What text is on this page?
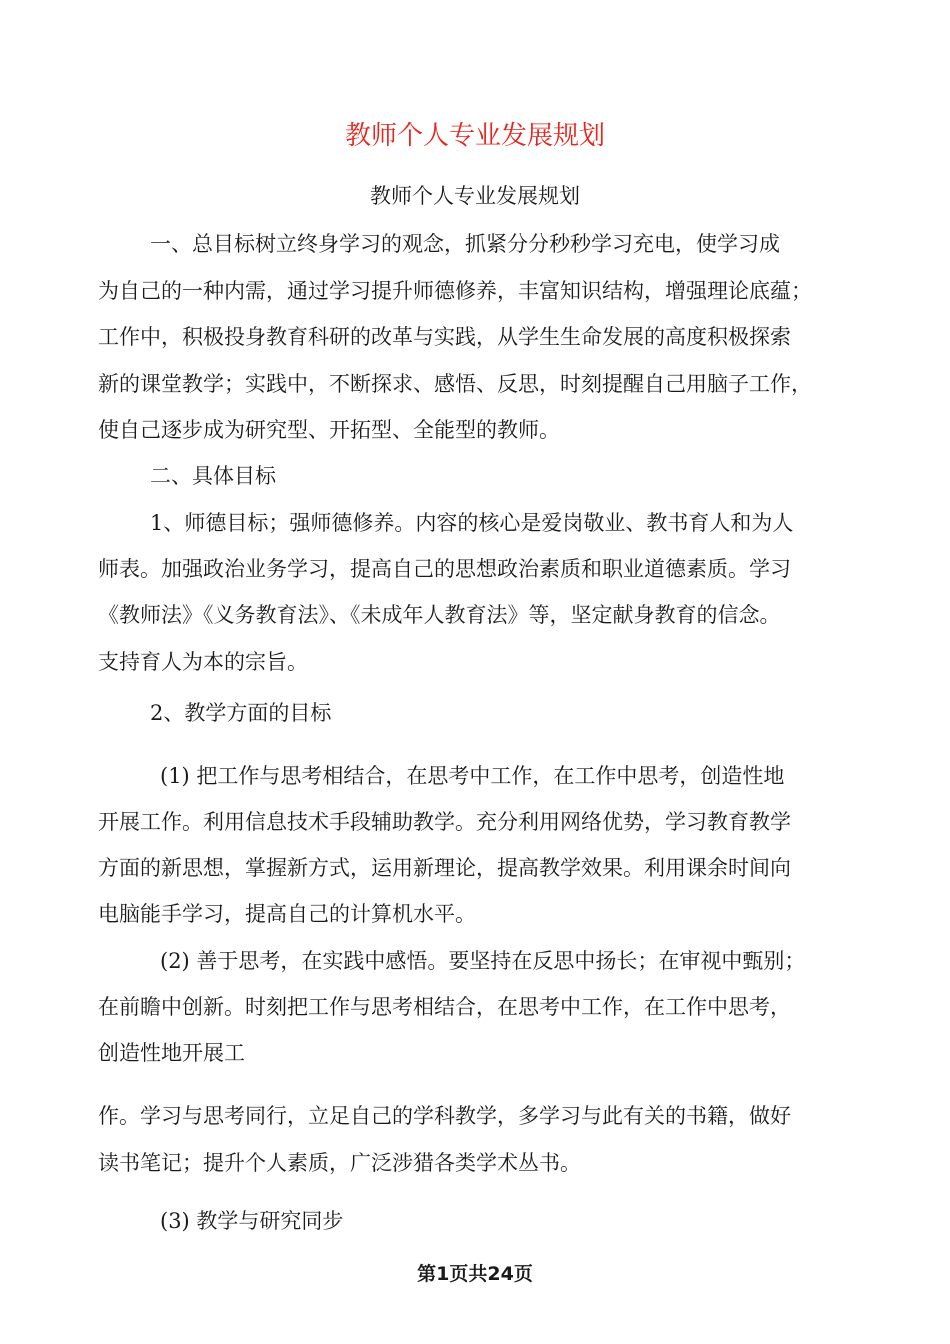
教师个人专业发展规划
教师个人专业发展规划
一、总目标树立终身学习的观念，抓紧分分秒秒学习充电，使学习成
为自己的一种内需，通过学习提升师德修养，丰富知识结构，增强理论底蕴；
工作中，积极投身教育科研的改革与实践，从学生生命发展的高度积极探索
新的课堂教学；实践中，不断探求、感悟、反思，时刻提醒自己用脑子工作，
使自己逐步成为研究型、开拓型、全能型的教师。
二、具体目标
1、师德目标；强师德修养。内容的核心是爱岗敬业、教书育人和为人
师表。加强政治业务学习，提高自己的思想政治素质和职业道德素质。学习
《教师法》《义务教育法》、《未成年人教育法》等，坚定献身教育的信念。
支持育人为本的宗旨。
2、教学方面的目标
(1) 把工作与思考相结合，在思考中工作，在工作中思考，创造性地
开展工作。利用信息技术手段辅助教学。充分利用网络优势，学习教育教学
方面的新思想，掌握新方式，运用新理论，提高教学效果。利用课余时间向
电脑能手学习，提高自己的计算机水平。
(2) 善于思考，在实践中感悟。要坚持在反思中扬长；在审视中甄别；
在前瞻中创新。时刻把工作与思考相结合，在思考中工作，在工作中思考，
创造性地开展工
作。学习与思考同行，立足自己的学科教学，多学习与此有关的书籍，做好
读书笔记；提升个人素质，广泛涉猎各类学术丛书。
(3) 教学与研究同步
第1页共24页
